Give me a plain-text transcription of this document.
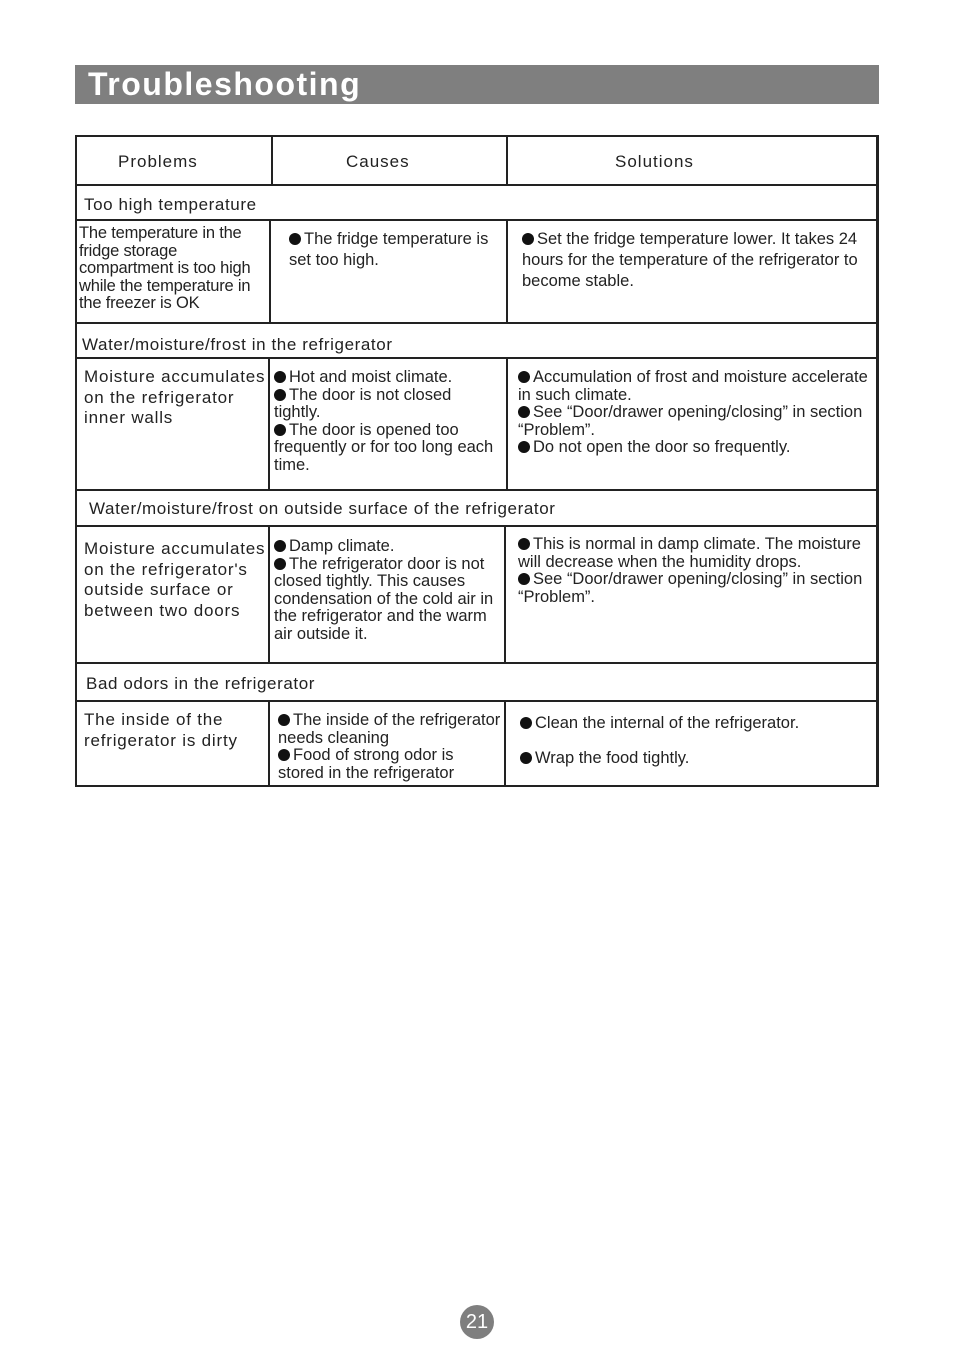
Troubleshooting
Problems	Causes	Solutions
Too high temperature
The temperature in the fridge storage compartment is too high while the temperature in the freezer is OK
The fridge temperature is set too high.
Set the fridge temperature lower. It takes 24 hours for the temperature of the refrigerator to become stable.
Water/moisture/frost in the refrigerator
Moisture accumulates on the refrigerator inner walls
Hot and moist climate.
The door is not closed tightly.
The door is opened too frequently or for too long each time.
Accumulation of frost and moisture accelerate in such climate.
See “Door/drawer opening/closing” in section “Problem”.
Do not open the door so frequently.
Water/moisture/frost on outside surface of the refrigerator
Moisture accumulates on the refrigerator's outside surface or between two doors
Damp climate.
The refrigerator door is not closed tightly. This causes condensation of the cold air in the refrigerator and the warm air outside it.
This is normal in damp climate. The moisture will decrease when the humidity drops.
See “Door/drawer opening/closing” in section “Problem”.
Bad odors in the refrigerator
The inside of the refrigerator is dirty
The inside of the refrigerator needs cleaning
Food of strong odor is stored in the refrigerator
Clean the internal of the refrigerator.
Wrap the food tightly.
21
